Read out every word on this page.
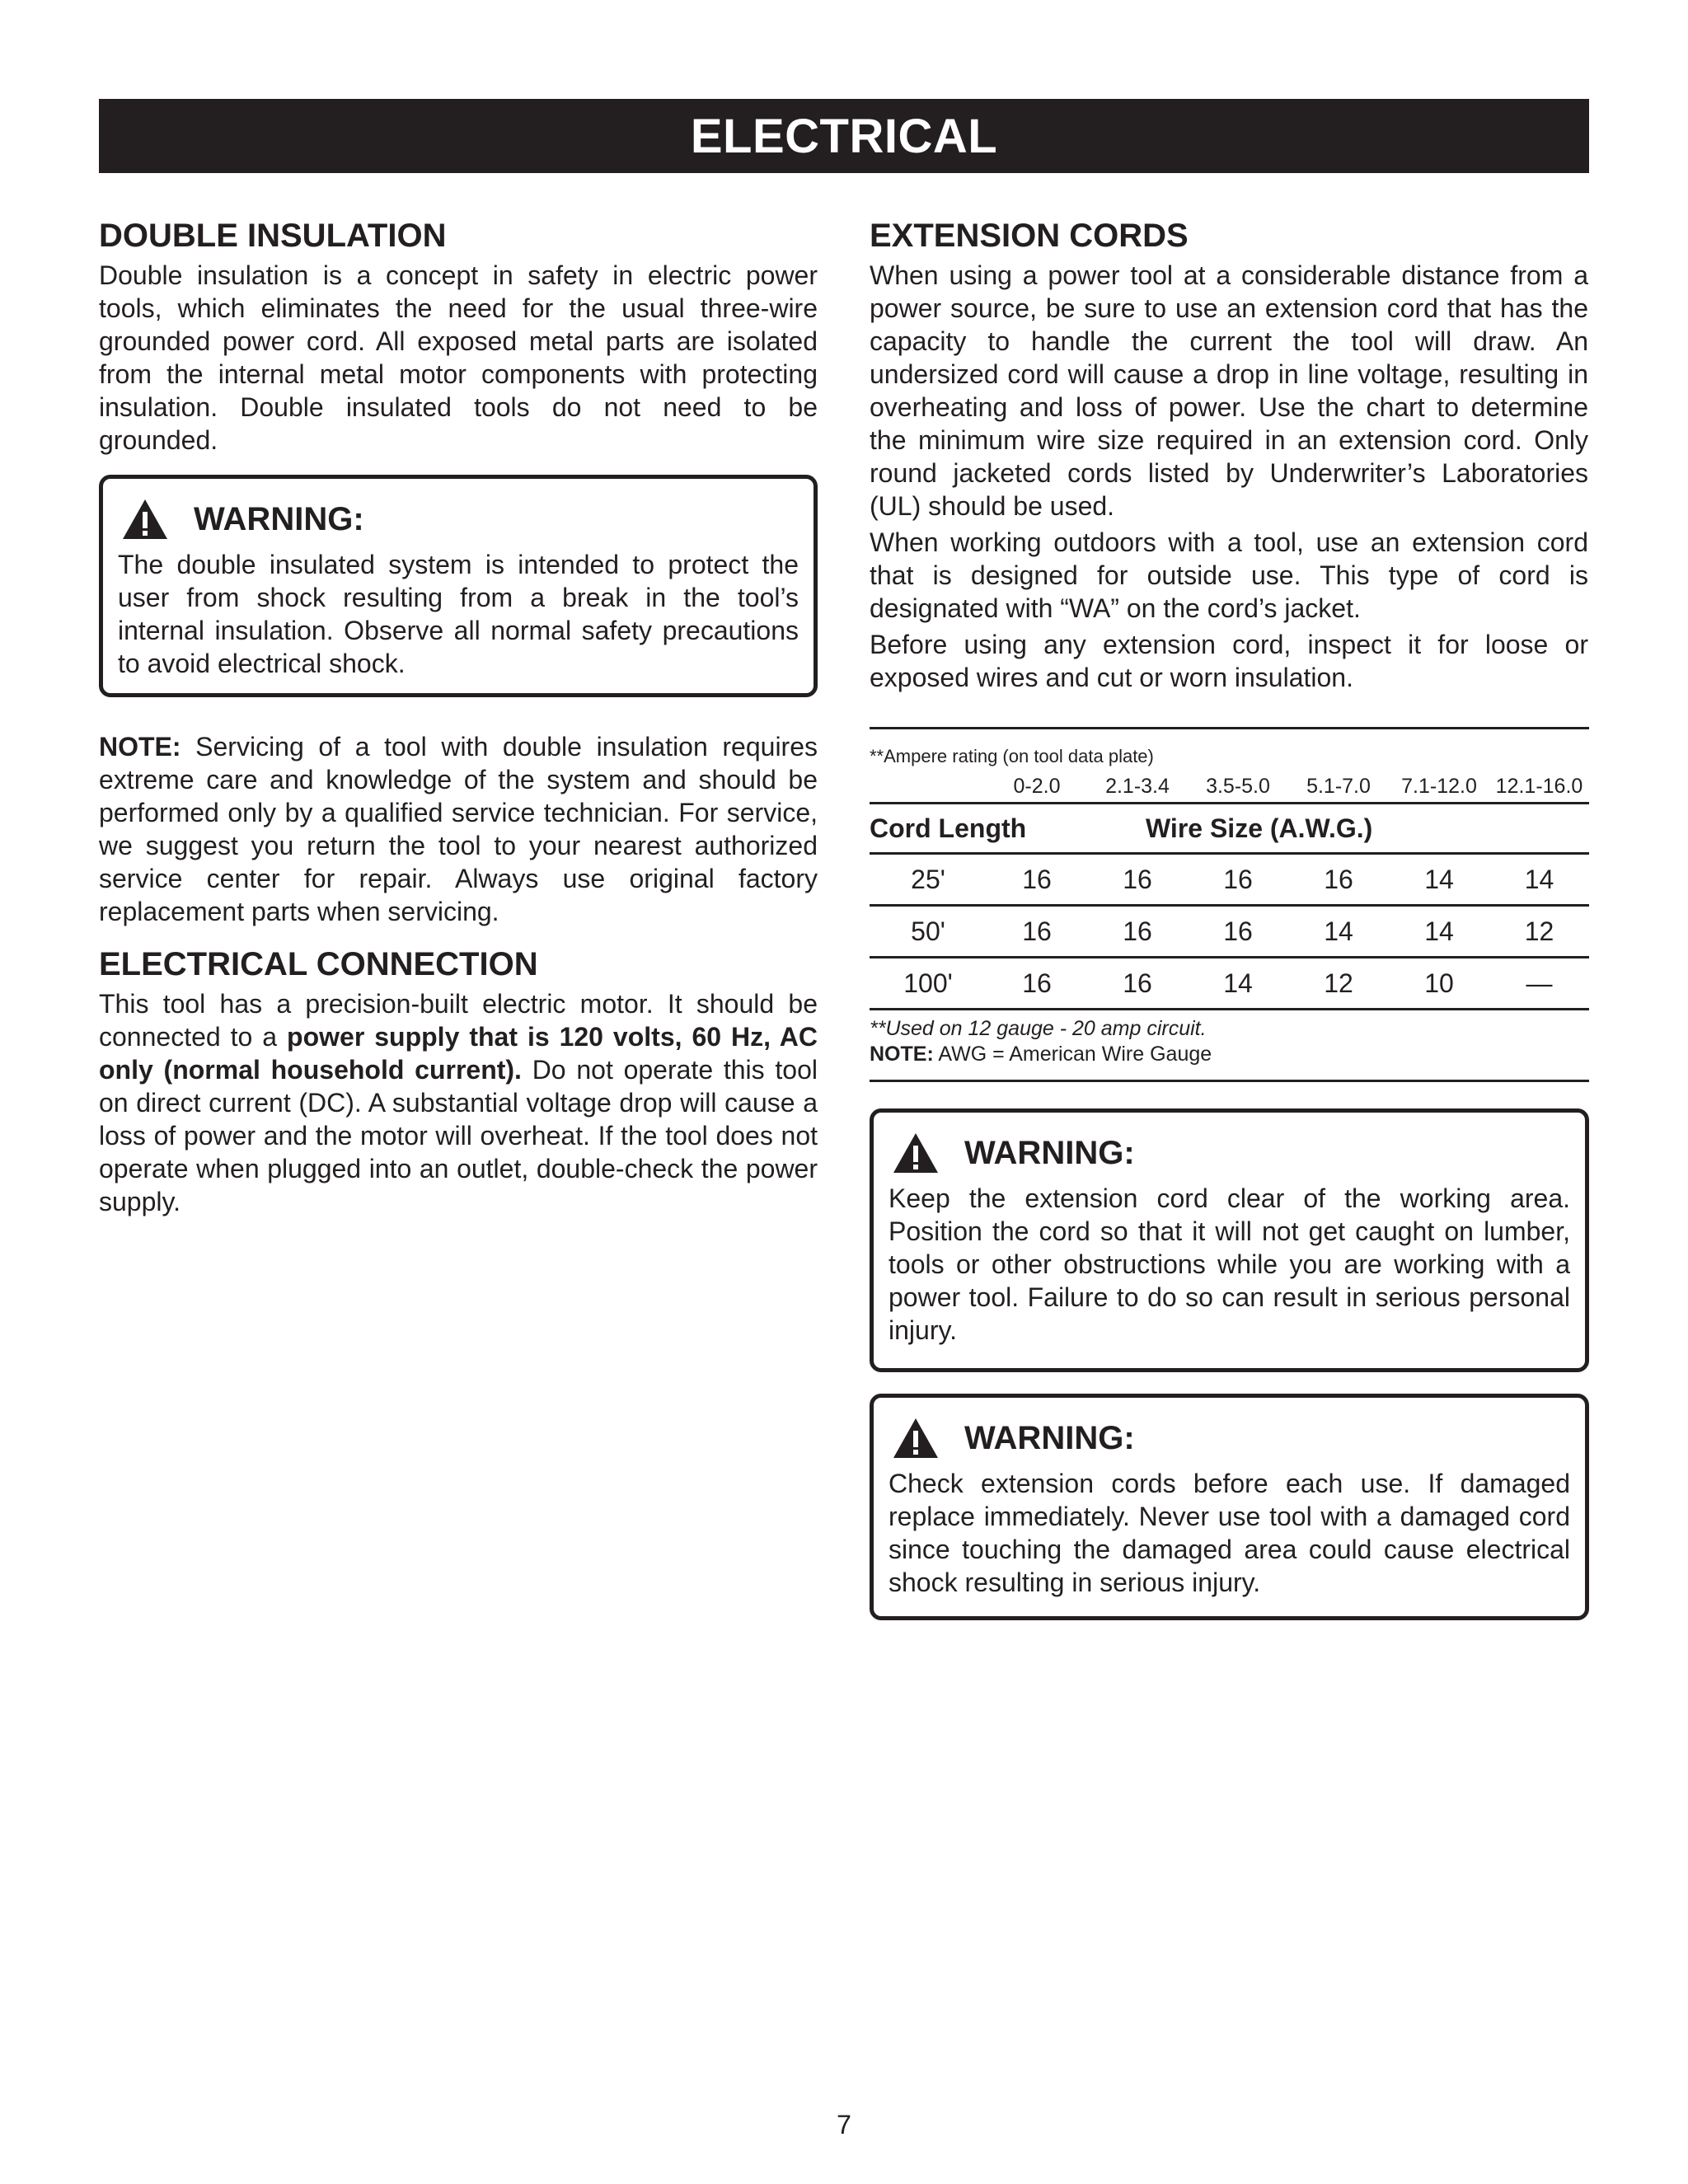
ELECTRICAL
DOUBLE INSULATION

Double insulation is a concept in safety in electric power tools, which eliminates the need for the usual three-wire grounded power cord. All exposed metal parts are isolated from the internal metal motor components with protecting insulation. Double insulated tools do not need to be grounded.

WARNING:

The double insulated system is intended to protect the user from shock resulting from a break in the tool’s internal insulation. Observe all normal safety precautions to avoid electrical shock.

NOTE: Servicing of a tool with double insulation requires extreme care and knowledge of the system and should be performed only by a qualified service technician. For service, we suggest you return the tool to your nearest authorized service center for repair. Always use original factory replacement parts when servicing.

ELECTRICAL CONNECTION

This tool has a precision-built electric motor. It should be connected to a power supply that is 120 volts, 60 Hz, AC only (normal household current). Do not operate this tool on direct current (DC). A substantial voltage drop will cause a loss of power and the motor will overheat. If the tool does not operate when plugged into an outlet, double-check the power supply.

EXTENSION CORDS

When using a power tool at a considerable distance from a power source, be sure to use an extension cord that has the capacity to handle the current the tool will draw. An undersized cord will cause a drop in line voltage, resulting in overheating and loss of power. Use the chart to determine the minimum wire size required in an extension cord. Only round jacketed cords listed by Underwriter’s Laboratories (UL) should be used.

When working outdoors with a tool, use an extension cord that is designed for outside use. This type of cord is designated with “WA” on the cord’s jacket.

Before using any extension cord, inspect it for loose or exposed wires and cut or worn insulation.

**Ampere rating (on tool data plate)
0-2.0	2.1-3.4	3.5-5.0	5.1-7.0	7.1-12.0 12.1-16.0
Cord Length	Wire Size (A.W.G.)
25'	16	16	16	16	14	14
50'	16	16	16	14	14	12
100'	16	16	14	12	10	—
**Used on 12 gauge - 20 amp circuit.
NOTE: AWG = American Wire Gauge
WARNING:

Keep the extension cord clear of the working area. Position the cord so that it will not get caught on lumber, tools or other obstructions while you are working with a power tool. Failure to do so can result in serious personal injury.

WARNING:

Check extension cords before each use. If damaged replace immediately. Never use tool with a damaged cord since touching the damaged area could cause electrical shock resulting in serious injury.

7
